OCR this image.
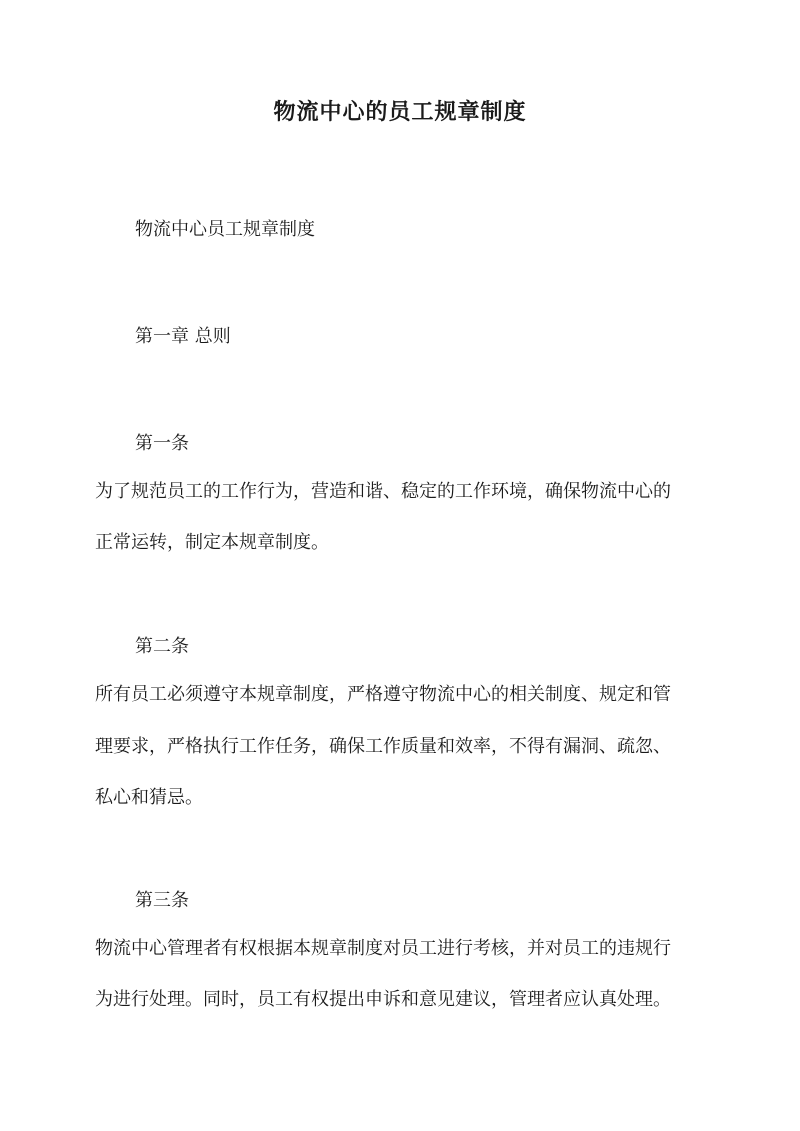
物流中心的员工规章制度
物流中心员工规章制度
第一章 总则
第一条
为了规范员工的工作行为，营造和谐、稳定的工作环境，确保物流中心的
正常运转，制定本规章制度。
第二条
所有员工必须遵守本规章制度，严格遵守物流中心的相关制度、规定和管
理要求，严格执行工作任务，确保工作质量和效率，不得有漏洞、疏忽、
私心和猜忌。
第三条
物流中心管理者有权根据本规章制度对员工进行考核，并对员工的违规行
为进行处理。同时，员工有权提出申诉和意见建议，管理者应认真处理。
